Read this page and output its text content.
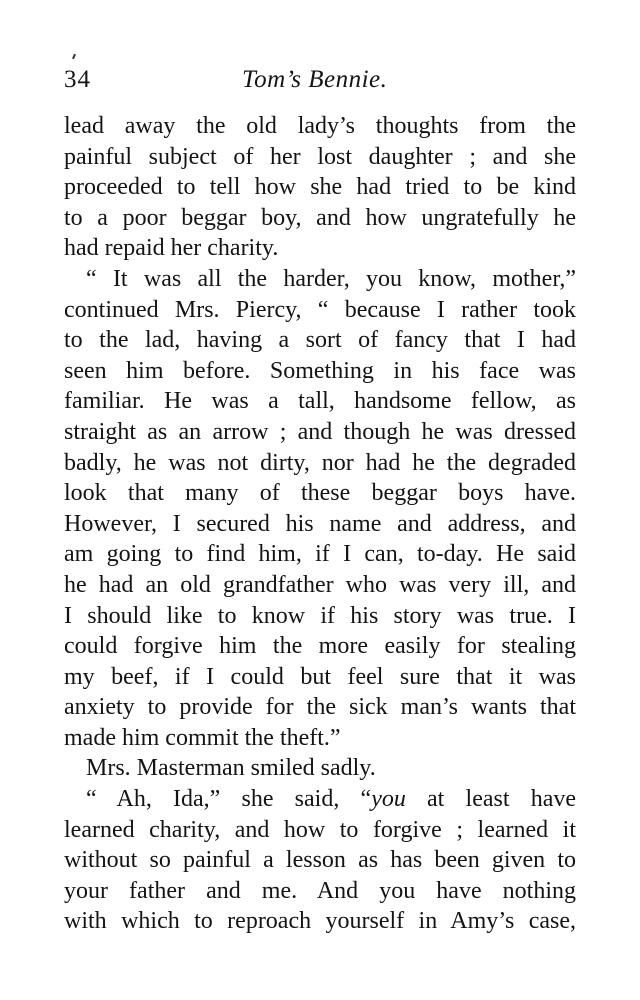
34	Tom’s Bennie.
lead away the old lady’s thoughts from the
painful subject of her lost daughter ; and she
proceeded to tell how she had tried to be kind
to a poor beggar boy, and how ungratefully he
had repaid her charity.
“ It was all the harder, you know, mother,”
continued Mrs. Piercy, “ because I rather took
to the lad, having a sort of fancy that I had
seen him before. Something in his face was
familiar. He was a tall, handsome fellow, as
straight as an arrow ; and though he was dressed
badly, he was not dirty, nor had he the degraded
look that many of these beggar boys have.
However, I secured his name and address, and
am going to find him, if I can, to-day. He said
he had an old grandfather who was very ill, and
I should like to know if his story was true. I
could forgive him the more easily for stealing
my beef, if I could but feel sure that it was
anxiety to provide for the sick man’s wants that
made him commit the theft.”
Mrs. Masterman smiled sadly.
“ Ah, Ida,” she said, “you at least have
learned charity, and how to forgive ; learned it
without so painful a lesson as has been given to
your father and me. And you have nothing
with which to reproach yourself in Amy’s case,
